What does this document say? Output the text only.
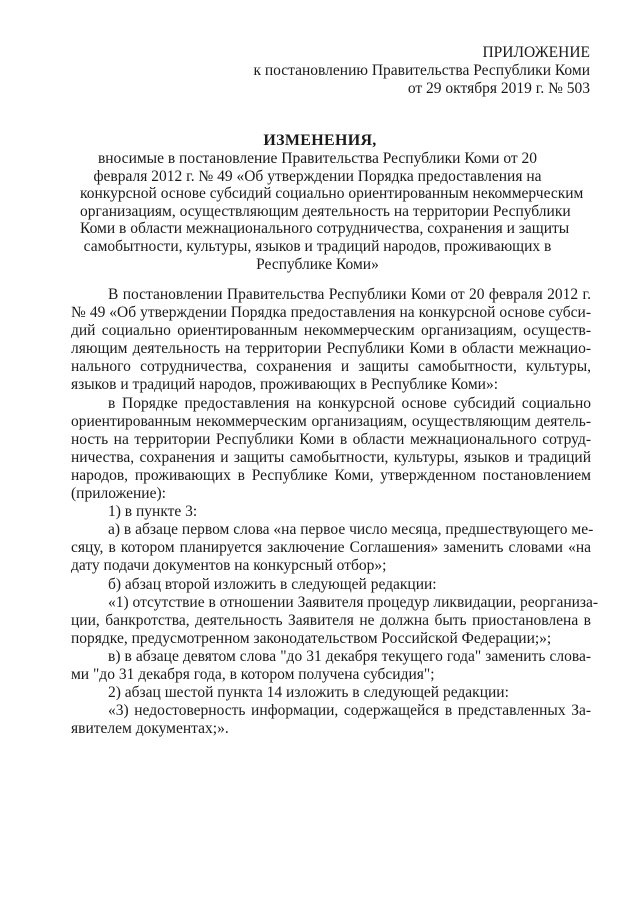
ПРИЛОЖЕНИЕ
к постановлению Правительства Республики Коми
от 29 октября 2019 г. № 503
ИЗМЕНЕНИЯ,
вносимые в постановление Правительства Республики Коми от 20
февраля 2012 г. № 49 «Об утверждении Порядка предоставления на
конкурсной основе субсидий социально ориентированным некоммерческим
организациям, осуществляющим деятельность на территории Республики
Коми в области межнационального сотрудничества, сохранения и защиты
самобытности, культуры, языков и традиций народов, проживающих в
Республике Коми»
В постановлении Правительства Республики Коми от 20 февраля 2012 г.
№ 49 «Об утверждении Порядка предоставления на конкурсной основе субси-
дий социально ориентированным некоммерческим организациям, осуществ-
ляющим деятельность на территории Республики Коми в области межнацио-
нального сотрудничества, сохранения и защиты самобытности, культуры,
языков и традиций народов, проживающих в Республике Коми»:
в Порядке предоставления на конкурсной основе субсидий социально
ориентированным некоммерческим организациям, осуществляющим деятель-
ность на территории Республики Коми в области межнационального сотруд-
ничества, сохранения и защиты самобытности, культуры, языков и традиций
народов, проживающих в Республике Коми, утвержденном постановлением
(приложение):
1) в пункте 3:
а) в абзаце первом слова «на первое число месяца, предшествующего ме-
сяцу, в котором планируется заключение Соглашения» заменить словами «на
дату подачи документов на конкурсный отбор»;
б) абзац второй изложить в следующей редакции:
«1) отсутствие в отношении Заявителя процедур ликвидации, реорганиза-
ции, банкротства, деятельность Заявителя не должна быть приостановлена в
порядке, предусмотренном законодательством Российской Федерации;»;
в) в абзаце девятом слова "до 31 декабря текущего года" заменить слова-
ми "до 31 декабря года, в котором получена субсидия";
2) абзац шестой пункта 14 изложить в следующей редакции:
«3) недостоверность информации, содержащейся в представленных За-
явителем документах;».
